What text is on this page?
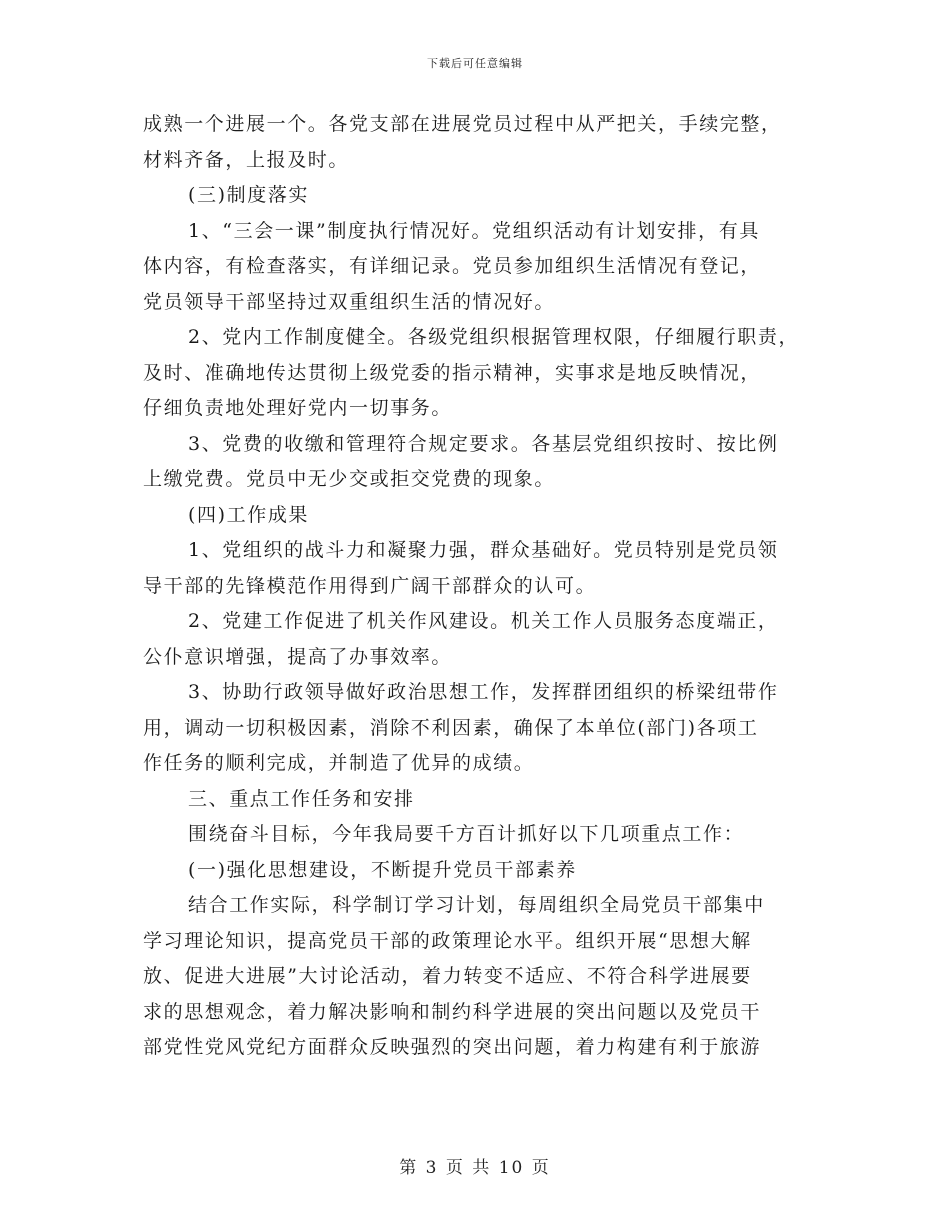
下载后可任意编辑
成熟一个进展一个。各党支部在进展党员过程中从严把关，手续完整，
材料齐备，上报及时。
(三)制度落实
1、“三会一课”制度执行情况好。党组织活动有计划安排，有具
体内容，有检查落实，有详细记录。党员参加组织生活情况有登记，
党员领导干部坚持过双重组织生活的情况好。
2、党内工作制度健全。各级党组织根据管理权限，仔细履行职责，
及时、准确地传达贯彻上级党委的指示精神，实事求是地反映情况，
仔细负责地处理好党内一切事务。
3、党费的收缴和管理符合规定要求。各基层党组织按时、按比例
上缴党费。党员中无少交或拒交党费的现象。
(四)工作成果
1、党组织的战斗力和凝聚力强，群众基础好。党员特别是党员领
导干部的先锋模范作用得到广阔干部群众的认可。
2、党建工作促进了机关作风建设。机关工作人员服务态度端正，
公仆意识增强，提高了办事效率。
3、协助行政领导做好政治思想工作，发挥群团组织的桥梁纽带作
用，调动一切积极因素，消除不利因素，确保了本单位(部门)各项工
作任务的顺利完成，并制造了优异的成绩。
三、重点工作任务和安排
围绕奋斗目标，今年我局要千方百计抓好以下几项重点工作：
(一)强化思想建设，不断提升党员干部素养
结合工作实际，科学制订学习计划，每周组织全局党员干部集中
学习理论知识，提高党员干部的政策理论水平。组织开展“思想大解
放、促进大进展”大讨论活动，着力转变不适应、不符合科学进展要
求的思想观念，着力解决影响和制约科学进展的突出问题以及党员干
部党性党风党纪方面群众反映强烈的突出问题，着力构建有利于旅游
第 3 页 共 10 页
